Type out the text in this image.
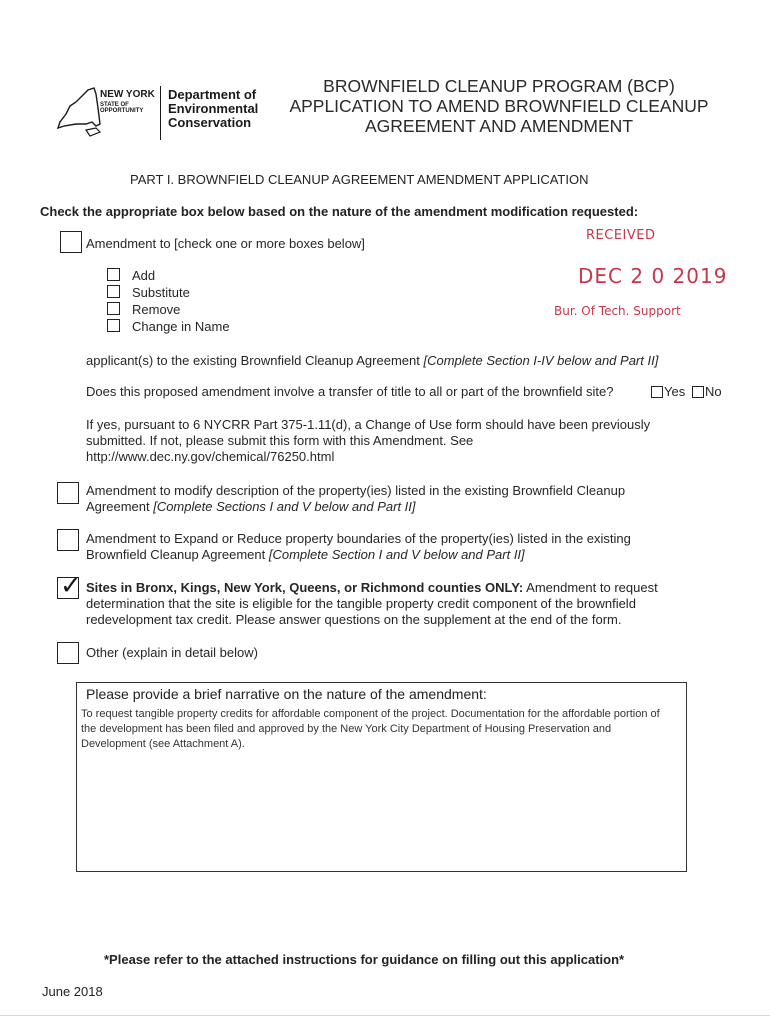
NEW YORK
STATE OF OPPORTUNITY
Department of
Environmental
Conservation
BROWNFIELD CLEANUP PROGRAM (BCP)
APPLICATION TO AMEND BROWNFIELD CLEANUP
AGREEMENT AND AMENDMENT
PART I. BROWNFIELD CLEANUP AGREEMENT AMENDMENT APPLICATION
Check the appropriate box below based on the nature of the amendment modification requested:
RECEIVED
DEC 2 0 2019
Bur. Of Tech. Support
Amendment to [check one or more boxes below]
Add
Substitute
Remove
Change in Name
applicant(s) to the existing Brownfield Cleanup Agreement [Complete Section I-IV below and Part II]
Does this proposed amendment involve a transfer of title to all or part of the brownfield site?	Yes No
If yes, pursuant to 6 NYCRR Part 375-1.11(d), a Change of Use form should have been previously
submitted. If not, please submit this form with this Amendment. See
http://www.dec.ny.gov/chemical/76250.html
Amendment to modify description of the property(ies) listed in the existing Brownfield Cleanup
Agreement [Complete Sections I and V below and Part II]
Amendment to Expand or Reduce property boundaries of the property(ies) listed in the existing
Brownfield Cleanup Agreement [Complete Section I and V below and Part II]
✓ Sites in Bronx, Kings, New York, Queens, or Richmond counties ONLY: Amendment to request
determination that the site is eligible for the tangible property credit component of the brownfield
redevelopment tax credit. Please answer questions on the supplement at the end of the form.
Other (explain in detail below)
Please provide a brief narrative on the nature of the amendment:
To request tangible property credits for affordable component of the project. Documentation for the affordable portion of the development has been filed and approved by the New York City Department of Housing Preservation and Development (see Attachment A).
*Please refer to the attached instructions for guidance on filling out this application*
June 2018
